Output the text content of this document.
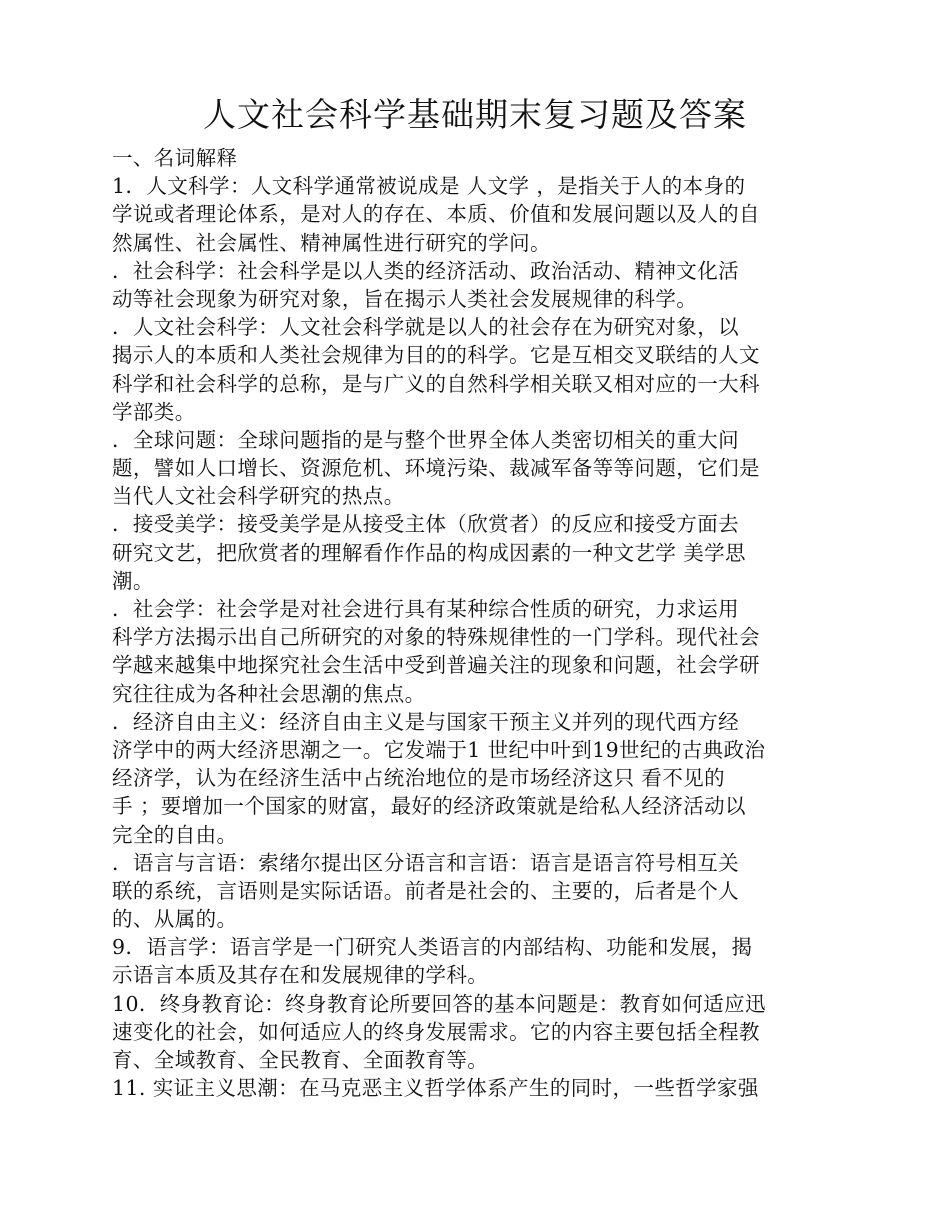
人文社会科学基础期末复习题及答案
一、名词解释
1．人文科学：人文科学通常被说成是 人文学 ，是指关于人的本身的
学说或者理论体系，是对人的存在、本质、价值和发展问题以及人的自
然属性、社会属性、精神属性进行研究的学问。
．社会科学：社会科学是以人类的经济活动、政治活动、精神文化活
动等社会现象为研究对象，旨在揭示人类社会发展规律的科学。
．人文社会科学：人文社会科学就是以人的社会存在为研究对象，以
揭示人的本质和人类社会规律为目的的科学。它是互相交叉联结的人文
科学和社会科学的总称，是与广义的自然科学相关联又相对应的一大科
学部类。
．全球问题：全球问题指的是与整个世界全体人类密切相关的重大问
题，譬如人口增长、资源危机、环境污染、裁减军备等等问题，它们是
当代人文社会科学研究的热点。
．接受美学：接受美学是从接受主体（欣赏者）的反应和接受方面去
研究文艺，把欣赏者的理解看作作品的构成因素的一种文艺学 美学思
潮。
．社会学：社会学是对社会进行具有某种综合性质的研究，力求运用
科学方法揭示出自己所研究的对象的特殊规律性的一门学科。现代社会
学越来越集中地探究社会生活中受到普遍关注的现象和问题，社会学研
究往往成为各种社会思潮的焦点。
．经济自由主义：经济自由主义是与国家干预主义并列的现代西方经
济学中的两大经济思潮之一。它发端于1 世纪中叶到19世纪的古典政治
经济学，认为在经济生活中占统治地位的是市场经济这只 看不见的
手 ；要增加一个国家的财富，最好的经济政策就是给私人经济活动以
完全的自由。
．语言与言语：索绪尔提出区分语言和言语：语言是语言符号相互关
联的系统，言语则是实际话语。前者是社会的、主要的，后者是个人
的、从属的。
9．语言学：语言学是一门研究人类语言的内部结构、功能和发展，揭
示语言本质及其存在和发展规律的学科。
10．终身教育论：终身教育论所要回答的基本问题是：教育如何适应迅
速变化的社会，如何适应人的终身发展需求。它的内容主要包括全程教
育、全域教育、全民教育、全面教育等。
11. 实证主义思潮：在马克恶主义哲学体系产生的同时，一些哲学家强
